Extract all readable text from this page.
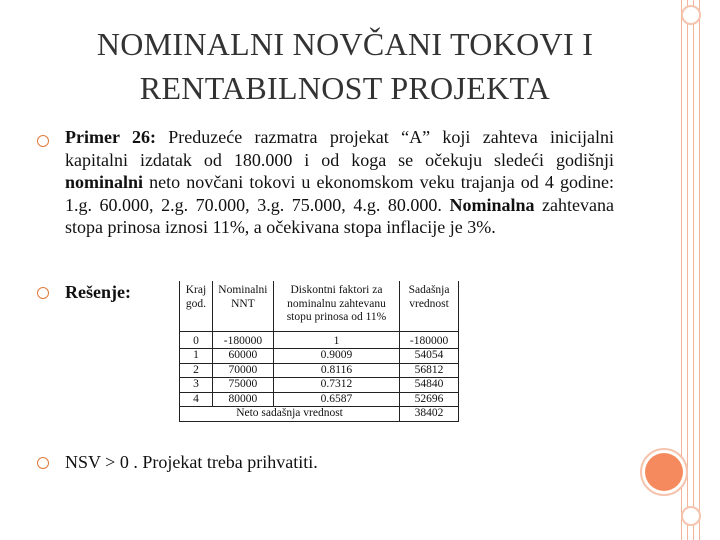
NOMINALNI NOVČANI TOKOVI I RENTABILNOST PROJEKTA
Primer 26: Preduzeće razmatra projekat “A” koji zahteva inicijalni kapitalni izdatak od 180.000 i od koga se očekuju sledeći godišnji nominalni neto novčani tokovi u ekonomskom veku trajanja od 4 godine: 1.g. 60.000, 2.g. 70.000, 3.g. 75.000, 4.g. 80.000. Nominalna zahtevana stopa prinosa iznosi 11%, a očekivana stopa inflacije je 3%.
Rešenje:	Kraj god.	Nominalni NNT	Diskontni faktori za nominalnu zahtevanu stopu prinosa od 11%	Sadašnja vrednost
0	-180000	1	-180000
1	60000	0.9009	54054
2	70000	0.8116	56812
3	75000	0.7312	54840
4	80000	0.6587	52696
Neto sadašnja vrednost			38402
NSV > 0 . Projekat treba prihvatiti.
